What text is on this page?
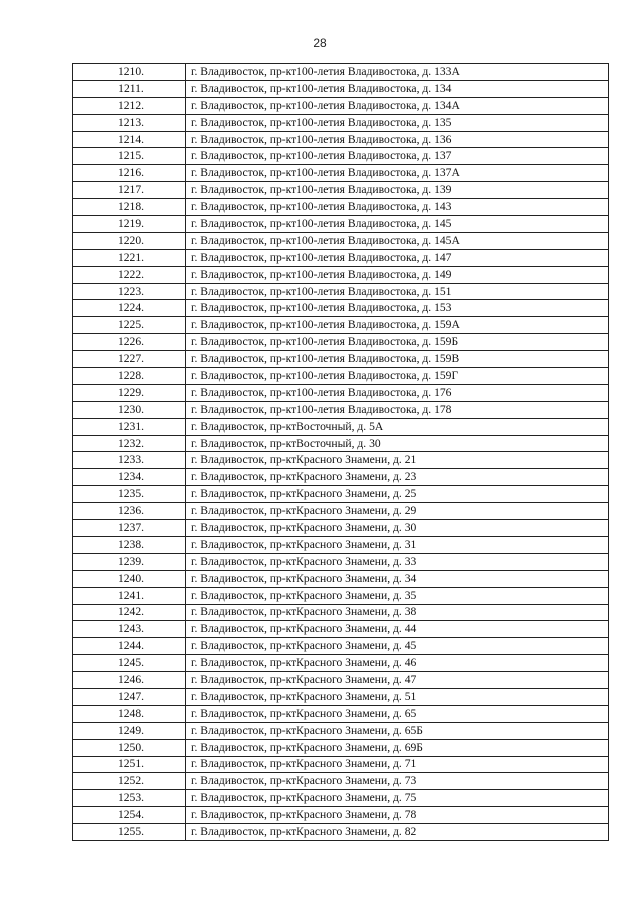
28
1210.	г. Владивосток, пр-кт100-летия Владивостока, д. 133А
1211.	г. Владивосток, пр-кт100-летия Владивостока, д. 134
1212.	г. Владивосток, пр-кт100-летия Владивостока, д. 134А
1213.	г. Владивосток, пр-кт100-летия Владивостока, д. 135
1214.	г. Владивосток, пр-кт100-летия Владивостока, д. 136
1215.	г. Владивосток, пр-кт100-летия Владивостока, д. 137
1216.	г. Владивосток, пр-кт100-летия Владивостока, д. 137А
1217.	г. Владивосток, пр-кт100-летия Владивостока, д. 139
1218.	г. Владивосток, пр-кт100-летия Владивостока, д. 143
1219.	г. Владивосток, пр-кт100-летия Владивостока, д. 145
1220.	г. Владивосток, пр-кт100-летия Владивостока, д. 145А
1221.	г. Владивосток, пр-кт100-летия Владивостока, д. 147
1222.	г. Владивосток, пр-кт100-летия Владивостока, д. 149
1223.	г. Владивосток, пр-кт100-летия Владивостока, д. 151
1224.	г. Владивосток, пр-кт100-летия Владивостока, д. 153
1225.	г. Владивосток, пр-кт100-летия Владивостока, д. 159А
1226.	г. Владивосток, пр-кт100-летия Владивостока, д. 159Б
1227.	г. Владивосток, пр-кт100-летия Владивостока, д. 159В
1228.	г. Владивосток, пр-кт100-летия Владивостока, д. 159Г
1229.	г. Владивосток, пр-кт100-летия Владивостока, д. 176
1230.	г. Владивосток, пр-кт100-летия Владивостока, д. 178
1231.	г. Владивосток, пр-ктВосточный, д. 5А
1232.	г. Владивосток, пр-ктВосточный, д. 30
1233.	г. Владивосток, пр-ктКрасного Знамени, д. 21
1234.	г. Владивосток, пр-ктКрасного Знамени, д. 23
1235.	г. Владивосток, пр-ктКрасного Знамени, д. 25
1236.	г. Владивосток, пр-ктКрасного Знамени, д. 29
1237.	г. Владивосток, пр-ктКрасного Знамени, д. 30
1238.	г. Владивосток, пр-ктКрасного Знамени, д. 31
1239.	г. Владивосток, пр-ктКрасного Знамени, д. 33
1240.	г. Владивосток, пр-ктКрасного Знамени, д. 34
1241.	г. Владивосток, пр-ктКрасного Знамени, д. 35
1242.	г. Владивосток, пр-ктКрасного Знамени, д. 38
1243.	г. Владивосток, пр-ктКрасного Знамени, д. 44
1244.	г. Владивосток, пр-ктКрасного Знамени, д. 45
1245.	г. Владивосток, пр-ктКрасного Знамени, д. 46
1246.	г. Владивосток, пр-ктКрасного Знамени, д. 47
1247.	г. Владивосток, пр-ктКрасного Знамени, д. 51
1248.	г. Владивосток, пр-ктКрасного Знамени, д. 65
1249.	г. Владивосток, пр-ктКрасного Знамени, д. 65Б
1250.	г. Владивосток, пр-ктКрасного Знамени, д. 69Б
1251.	г. Владивосток, пр-ктКрасного Знамени, д. 71
1252.	г. Владивосток, пр-ктКрасного Знамени, д. 73
1253.	г. Владивосток, пр-ктКрасного Знамени, д. 75
1254.	г. Владивосток, пр-ктКрасного Знамени, д. 78
1255.	г. Владивосток, пр-ктКрасного Знамени, д. 82
